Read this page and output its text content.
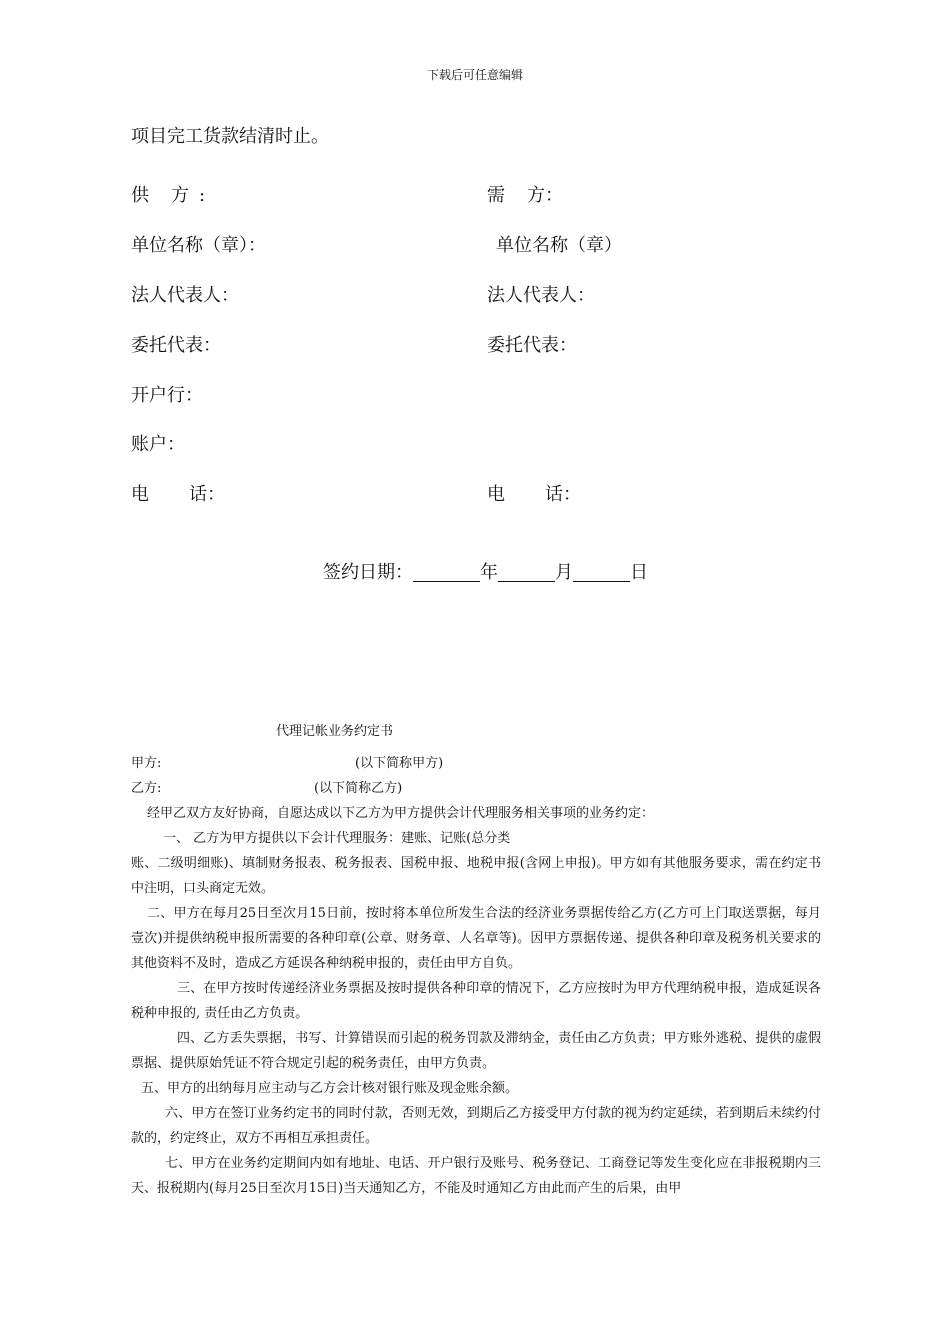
下载后可任意编辑
项目完工货款结清时止。
供 方 :	需 方：
单位名称（章）：	单位名称（章）
法人代表人：	法人代表人：
委托代表：	委托代表：
开户行：
账户：
电 话：	电 话：
签约日期：	年	月	日
代理记帐业务约定书
甲方:	(以下简称甲方)
乙方:	(以下简称乙方)
经甲乙双方友好协商，自愿达成以下乙方为甲方提供会计代理服务相关事项的业务约定：
一、 乙方为甲方提供以下会计代理服务：建账、记账(总分类
账、二级明细账)、填制财务报表、税务报表、国税申报、地税申报(含网上申报)。甲方如有其他服务要求，需在约定书中注明，口头商定无效。
二、甲方在每月25日至次月15日前，按时将本单位所发生合法的经济业务票据传给乙方(乙方可上门取送票据，每月壹次)并提供纳税申报所需要的各种印章(公章、财务章、人名章等)。因甲方票据传递、提供各种印章及税务机关要求的其他资料不及时，造成乙方延误各种纳税申报的，责任由甲方自负。
三、在甲方按时传递经济业务票据及按时提供各种印章的情况下，乙方应按时为甲方代理纳税申报，造成延误各税种申报的, 责任由乙方负责。
四、乙方丢失票据，书写、计算错误而引起的税务罚款及滞纳金，责任由乙方负责；甲方账外逃税、提供的虚假票据、提供原始凭证不符合规定引起的税务责任，由甲方负责。
五、甲方的出纳每月应主动与乙方会计核对银行账及现金账余额。
六、甲方在签订业务约定书的同时付款，否则无效，到期后乙方接受甲方付款的视为约定延续，若到期后未续约付款的，约定终止，双方不再相互承担责任。
七、甲方在业务约定期间内如有地址、电话、开户银行及账号、税务登记、工商登记等发生变化应在非报税期内三天、报税期内(每月25日至次月15日)当天通知乙方，不能及时通知乙方由此而产生的后果，由甲
